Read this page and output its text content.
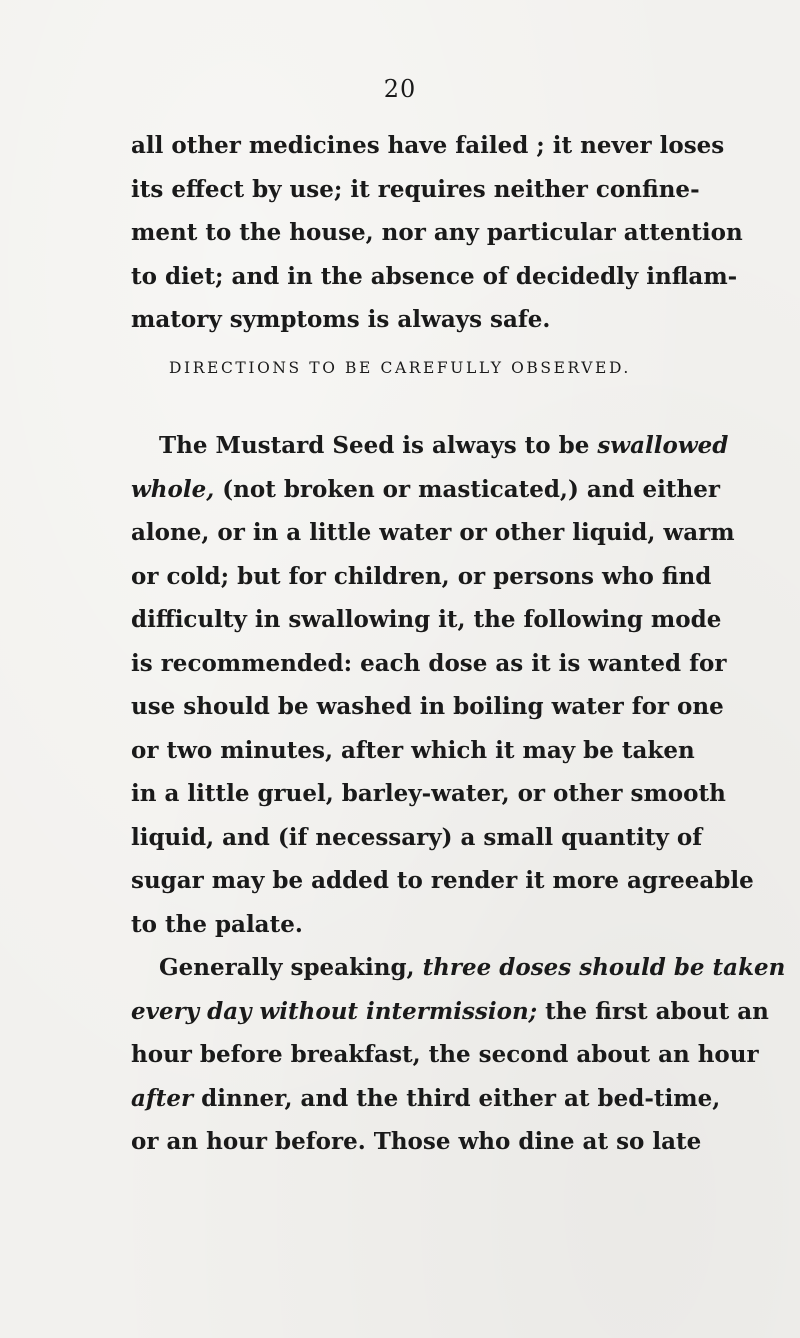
20
all other medicines have failed ; it never loses
its effect by use; it requires neither confine-
ment to the house, nor any particular attention
to diet; and in the absence of decidedly inflam-
matory symptoms is always safe.
DIRECTIONS TO BE CAREFULLY OBSERVED.
The Mustard Seed is always to be swallowed
whole, (not broken or masticated,) and either
alone, or in a little water or other liquid, warm
or cold; but for children, or persons who find
difficulty in swallowing it, the following mode
is recommended: each dose as it is wanted for
use should be washed in boiling water for one
or two minutes, after which it may be taken
in a little gruel, barley-water, or other smooth
liquid, and (if necessary) a small quantity of
sugar may be added to render it more agreeable
to the palate.
Generally speaking, three doses should be taken
every day without intermission; the first about an
hour before breakfast, the second about an hour
after dinner, and the third either at bed-time,
or an hour before. Those who dine at so late
